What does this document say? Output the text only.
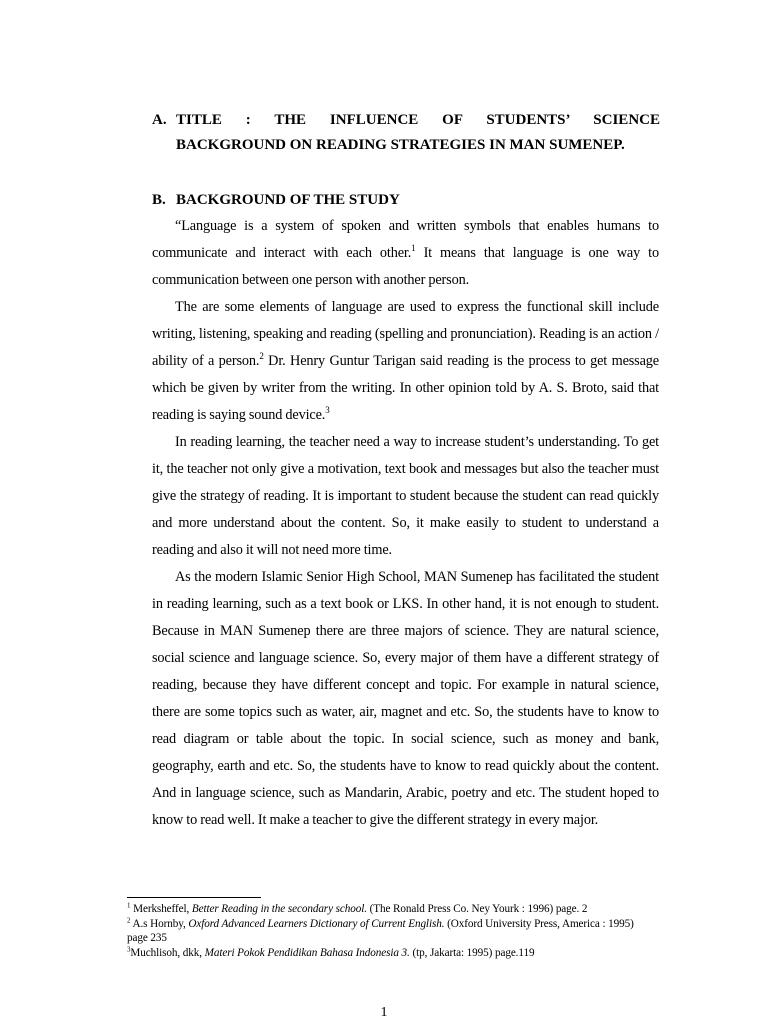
A. TITLE : THE INFLUENCE OF STUDENTS’ SCIENCE
BACKGROUND ON READING STRATEGIES IN MAN SUMENEP.
B. BACKGROUND OF THE STUDY

“Language is a system of spoken and written symbols that enables humans to communicate and interact with each other.$^1$ It means that language is one way to communication between one person with another person.

The are some elements of language are used to express the functional skill include writing, listening, speaking and reading (spelling and pronunciation). Reading is an action / ability of a person.$^2$ Dr. Henry Guntur Tarigan said reading is the process to get message which be given by writer from the writing. In other opinion told by A. S. Broto, said that reading is saying sound device.$^3$

In reading learning, the teacher need a way to increase student’s understanding. To get it, the teacher not only give a motivation, text book and messages but also the teacher must give the strategy of reading. It is important to student because the student can read quickly and more understand about the content. So, it make easily to student to understand a reading and also it will not need more time.

As the modern Islamic Senior High School, MAN Sumenep has facilitated the student in reading learning, such as a text book or LKS. In other hand, it is not enough to student. Because in MAN Sumenep there are three majors of science. They are natural science, social science and language science. So, every major of them have a different strategy of reading, because they have different concept and topic. For example in natural science, there are some topics such as water, air, magnet and etc. So, the students have to know to read diagram or table about the topic. In social science, such as money and bank, geography, earth and etc. So, the students have to know to read quickly about the content. And in language science, such as Mandarin, Arabic, poetry and etc. The student hoped to know to read well. It make a teacher to give the different strategy in every major.

$^1$ Merksheffel, Better Reading in the secondary school. (The Ronald Press Co. Ney Yourk : 1996) page. 2

$^2$ A.s Hornby, Oxford Advanced Learners Dictionary of Current English. (Oxford University Press, America : 1995) page 235

$^3$Muchlisoh, dkk, Materi Pokok Pendidikan Bahasa Indonesia 3. (tp, Jakarta: 1995) page.119

1
